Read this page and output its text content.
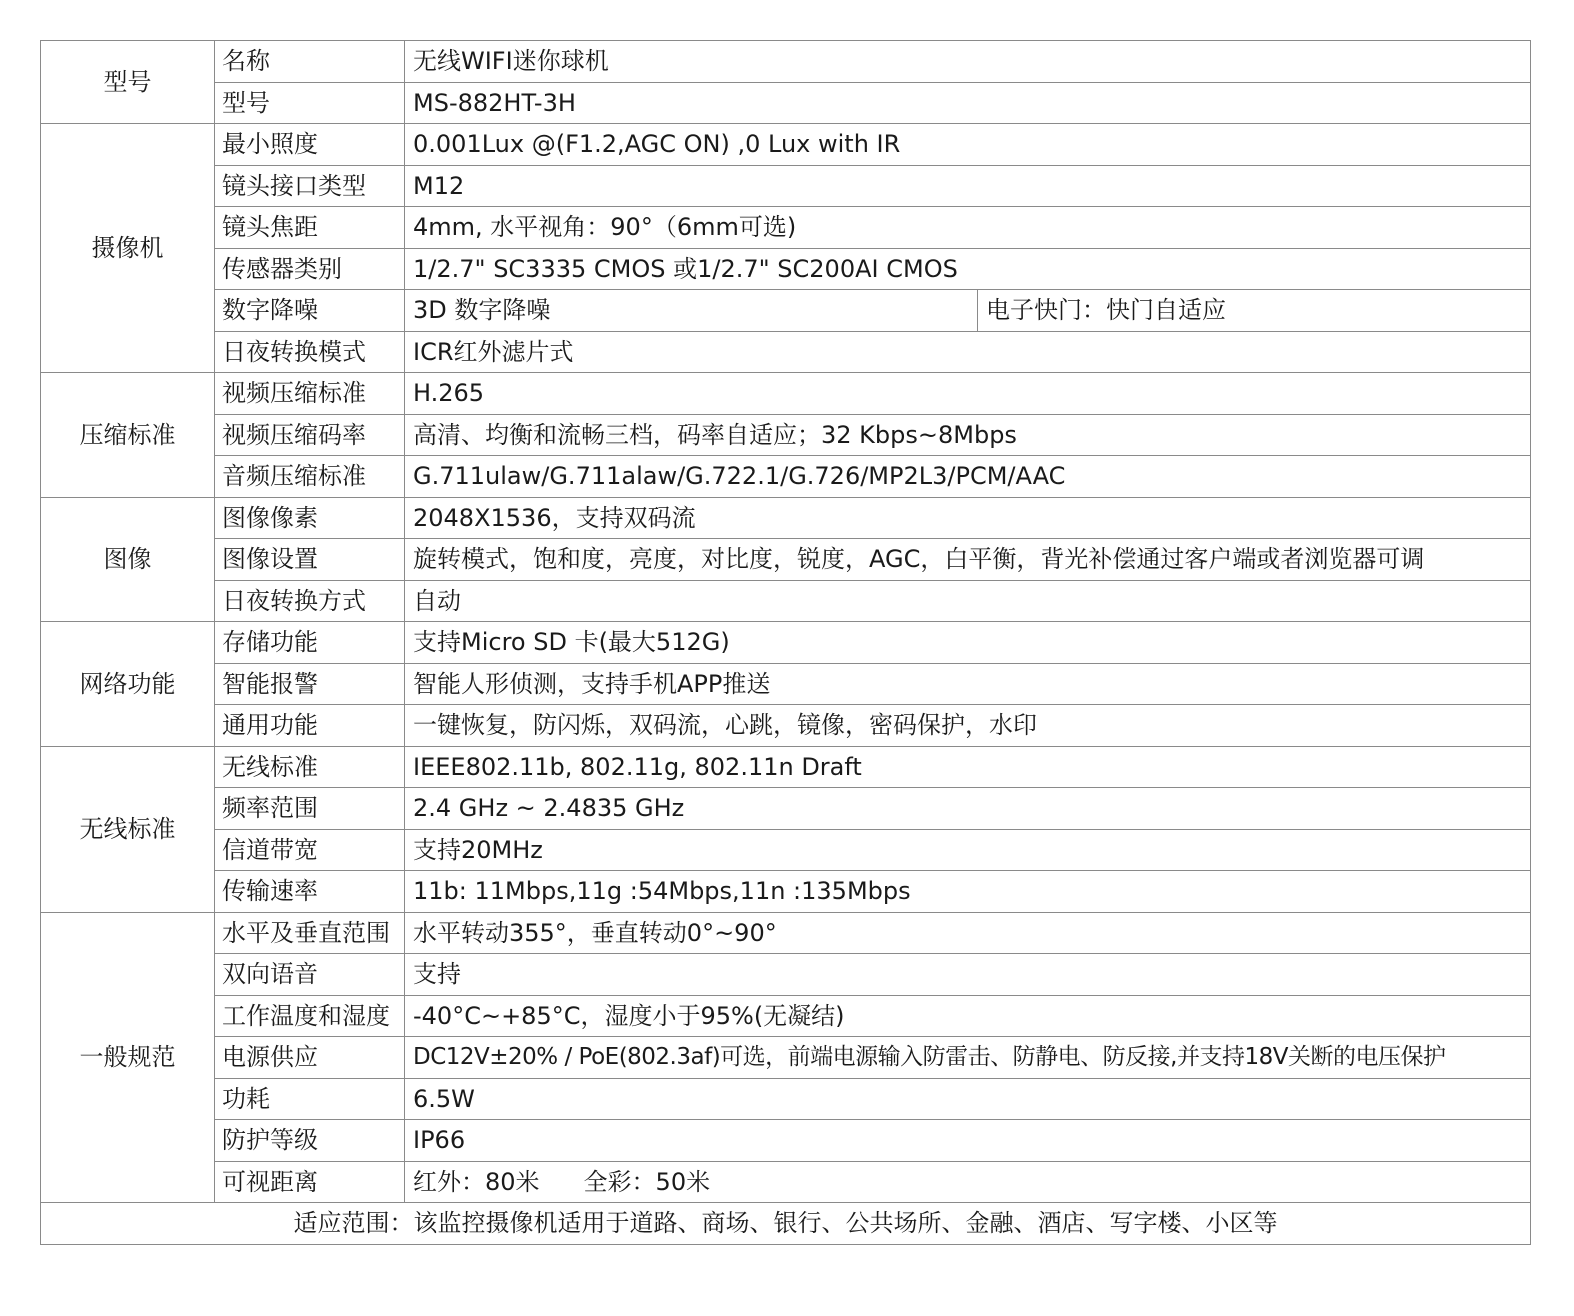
型号	名称	无线WIFI迷你球机	
	型号	MS-882HT-3H	
摄像机	最小照度	0.001Lux @(F1.2,AGC ON) ,0 Lux with IR	
	镜头接口类型	M12	
	镜头焦距	4mm, 水平视角：90°（6mm可选)	
	传感器类别	1/2.7" SC3335 CMOS 或1/2.7" SC200AI CMOS	
	数字降噪	3D 数字降噪	电子快门：快门自适应
	日夜转换模式	ICR红外滤片式	
压缩标准	视频压缩标准	H.265	
	视频压缩码率	高清、均衡和流畅三档，码率自适应；32 Kbps~8Mbps	
	音频压缩标准	G.711ulaw/G.711alaw/G.722.1/G.726/MP2L3/PCM/AAC	
图像	图像像素	2048X1536，支持双码流	
	图像设置	旋转模式，饱和度，亮度，对比度，锐度，AGC，白平衡，背光补偿通过客户端或者浏览器可调	
	日夜转换方式	自动	
网络功能	存储功能	支持Micro SD 卡(最大512G)	
	智能报警	智能人形侦测，支持手机APP推送	
	通用功能	一键恢复，防闪烁，双码流，心跳，镜像，密码保护，水印	
无线标准	无线标准	IEEE802.11b, 802.11g, 802.11n Draft	
	频率范围	2.4 GHz ~ 2.4835 GHz	
	信道带宽	支持20MHz	
	传输速率	11b: 11Mbps,11g :54Mbps,11n :135Mbps	
一般规范	水平及垂直范围	水平转动355°，垂直转动0°~90°	
	双向语音	支持	
	工作温度和湿度	-40°C~+85°C，湿度小于95%(无凝结)	
	电源供应	DC12V±20% / PoE(802.3af)可选，前端电源输入防雷击、防静电、防反接,并支持18V关断的电压保护	
	功耗	6.5W	
	防护等级	IP66	
	可视距离	红外：80米 全彩：50米	
适应范围：该监控摄像机适用于道路、商场、银行、公共场所、金融、酒店、写字楼、小区等			
